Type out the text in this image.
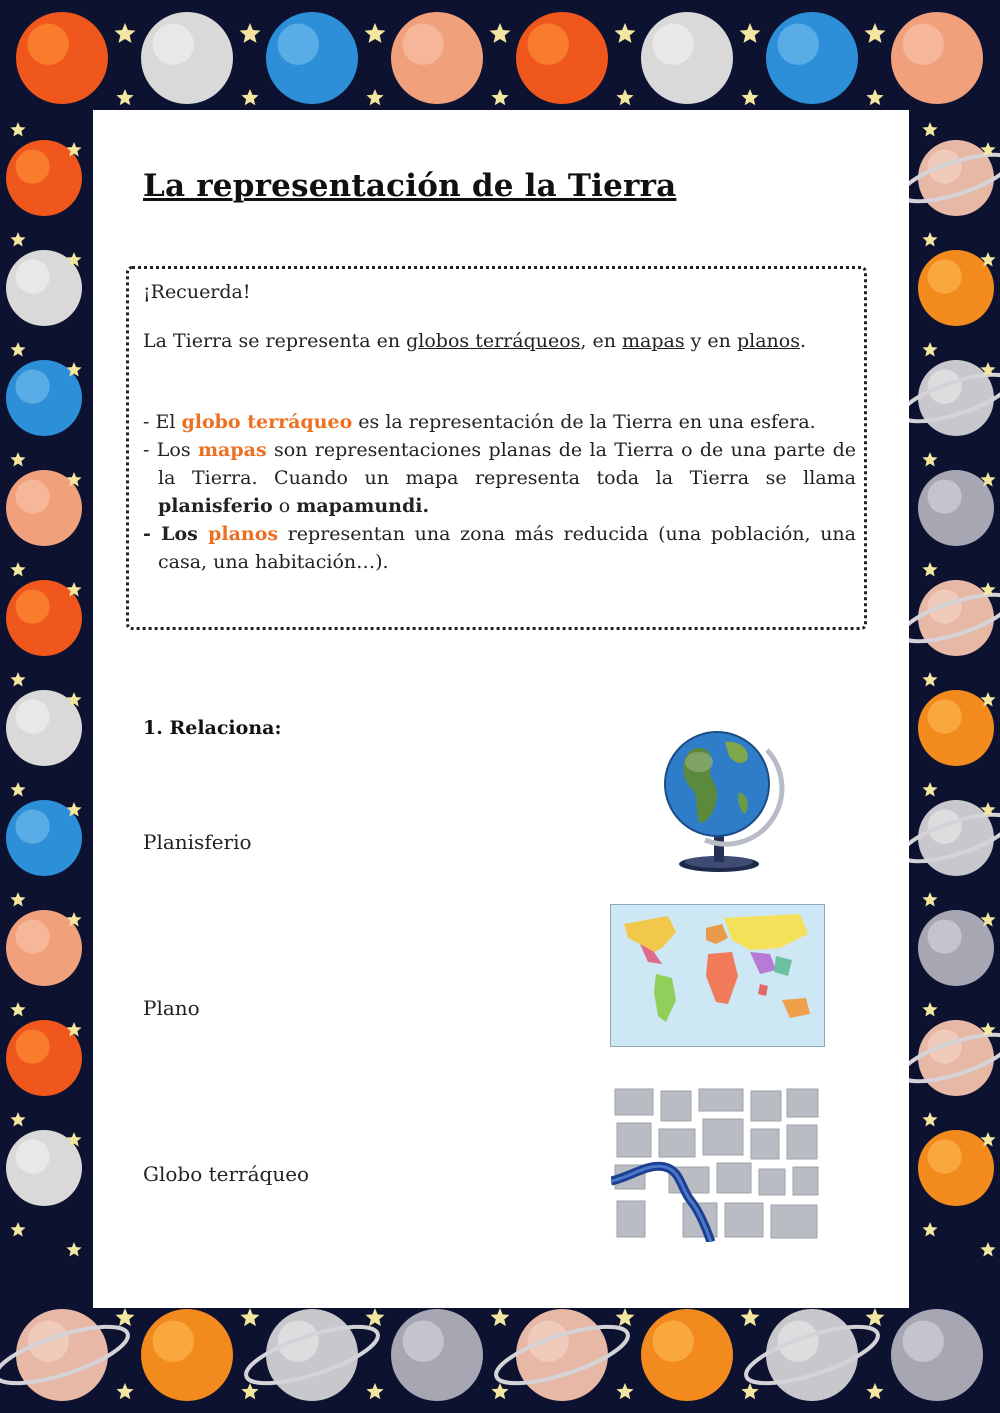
La representación de la Tierra
¡Recuerda!
La Tierra se representa en globos terráqueos, en mapas y en planos.
- El globo terráqueo es la representación de la Tierra en una esfera.
- Los mapas son representaciones planas de la Tierra o de una parte de la Tierra. Cuando un mapa representa toda la Tierra se llama planisferio o mapamundi.
- Los planos representan una zona más reducida (una población, una casa, una habitación…).
1. Relaciona:
Planisferio
Plano
Globo terráqueo
